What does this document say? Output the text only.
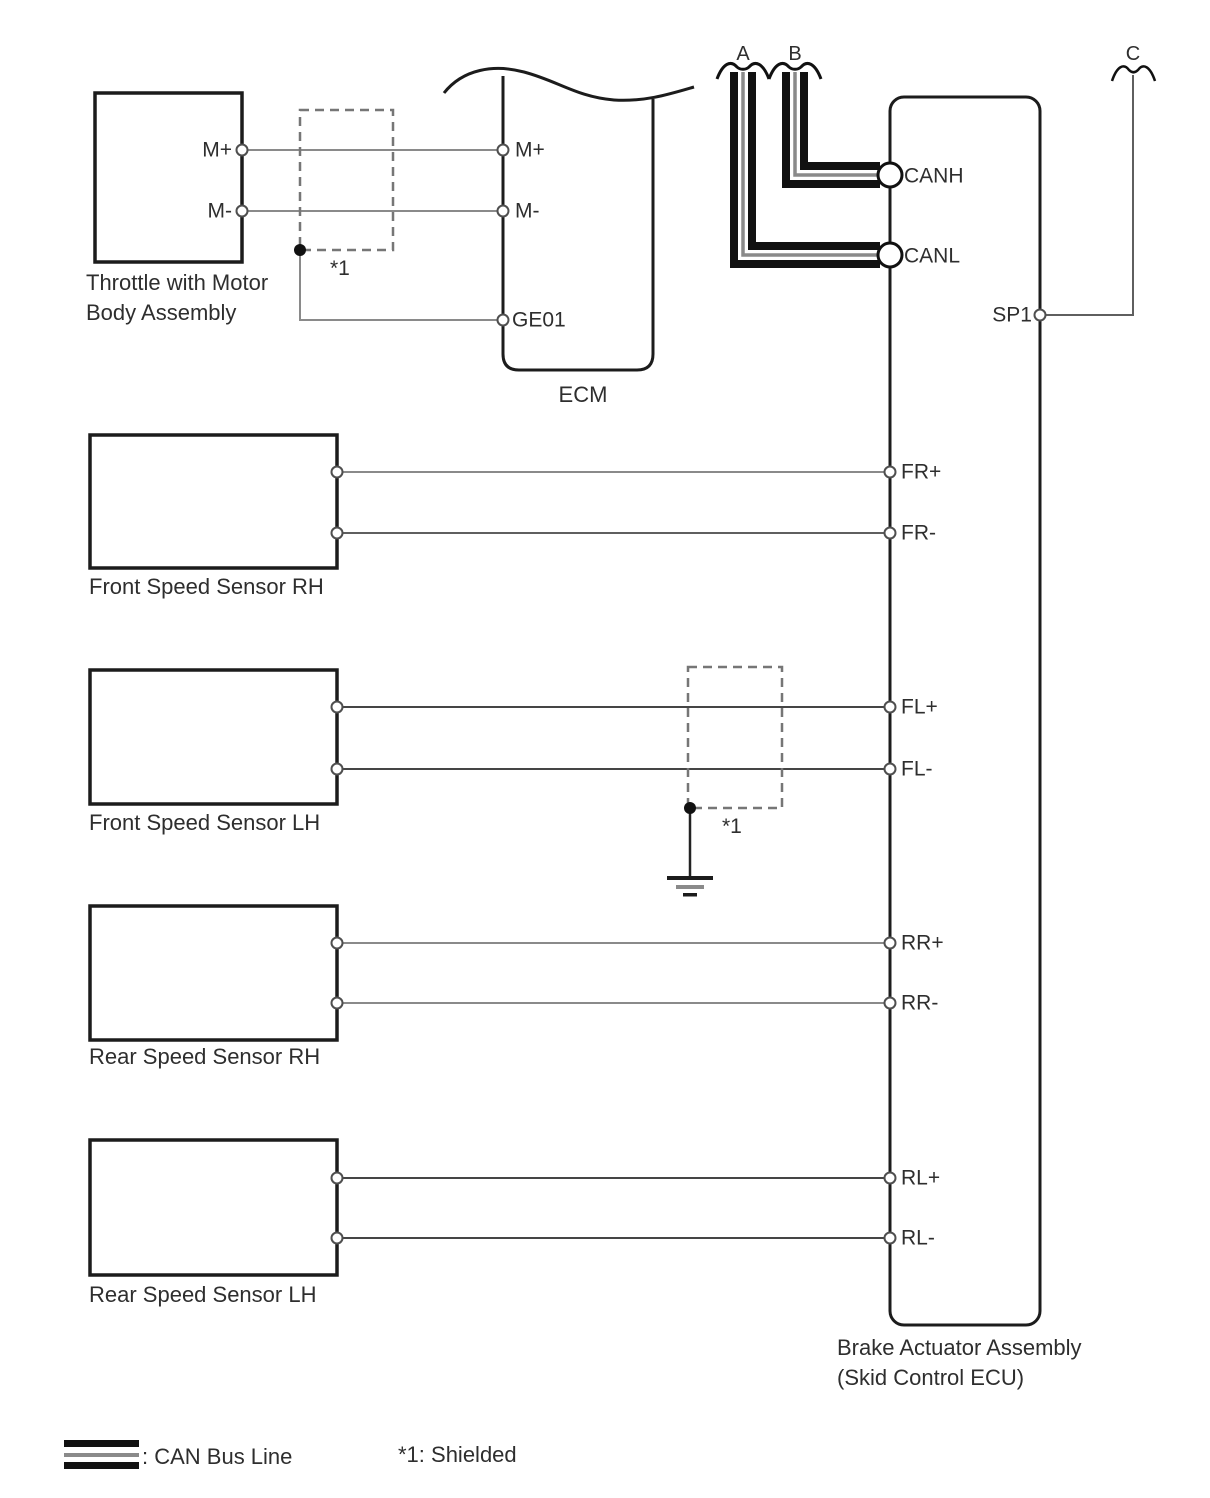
M+
M-
Throttle with Motor
Body Assembly
*1
M+
M-
GE01
ECM
A B	C
CANH
CANL
SP1
FR+
FR-
FL+
FL-
RR+
RR-
RL+
RL-
Front Speed Sensor RH
Front Speed Sensor LH
Rear Speed Sensor RH
Rear Speed Sensor LH
*1
Brake Actuator Assembly
(Skid Control ECU)
: CAN Bus Line	*1: Shielded
